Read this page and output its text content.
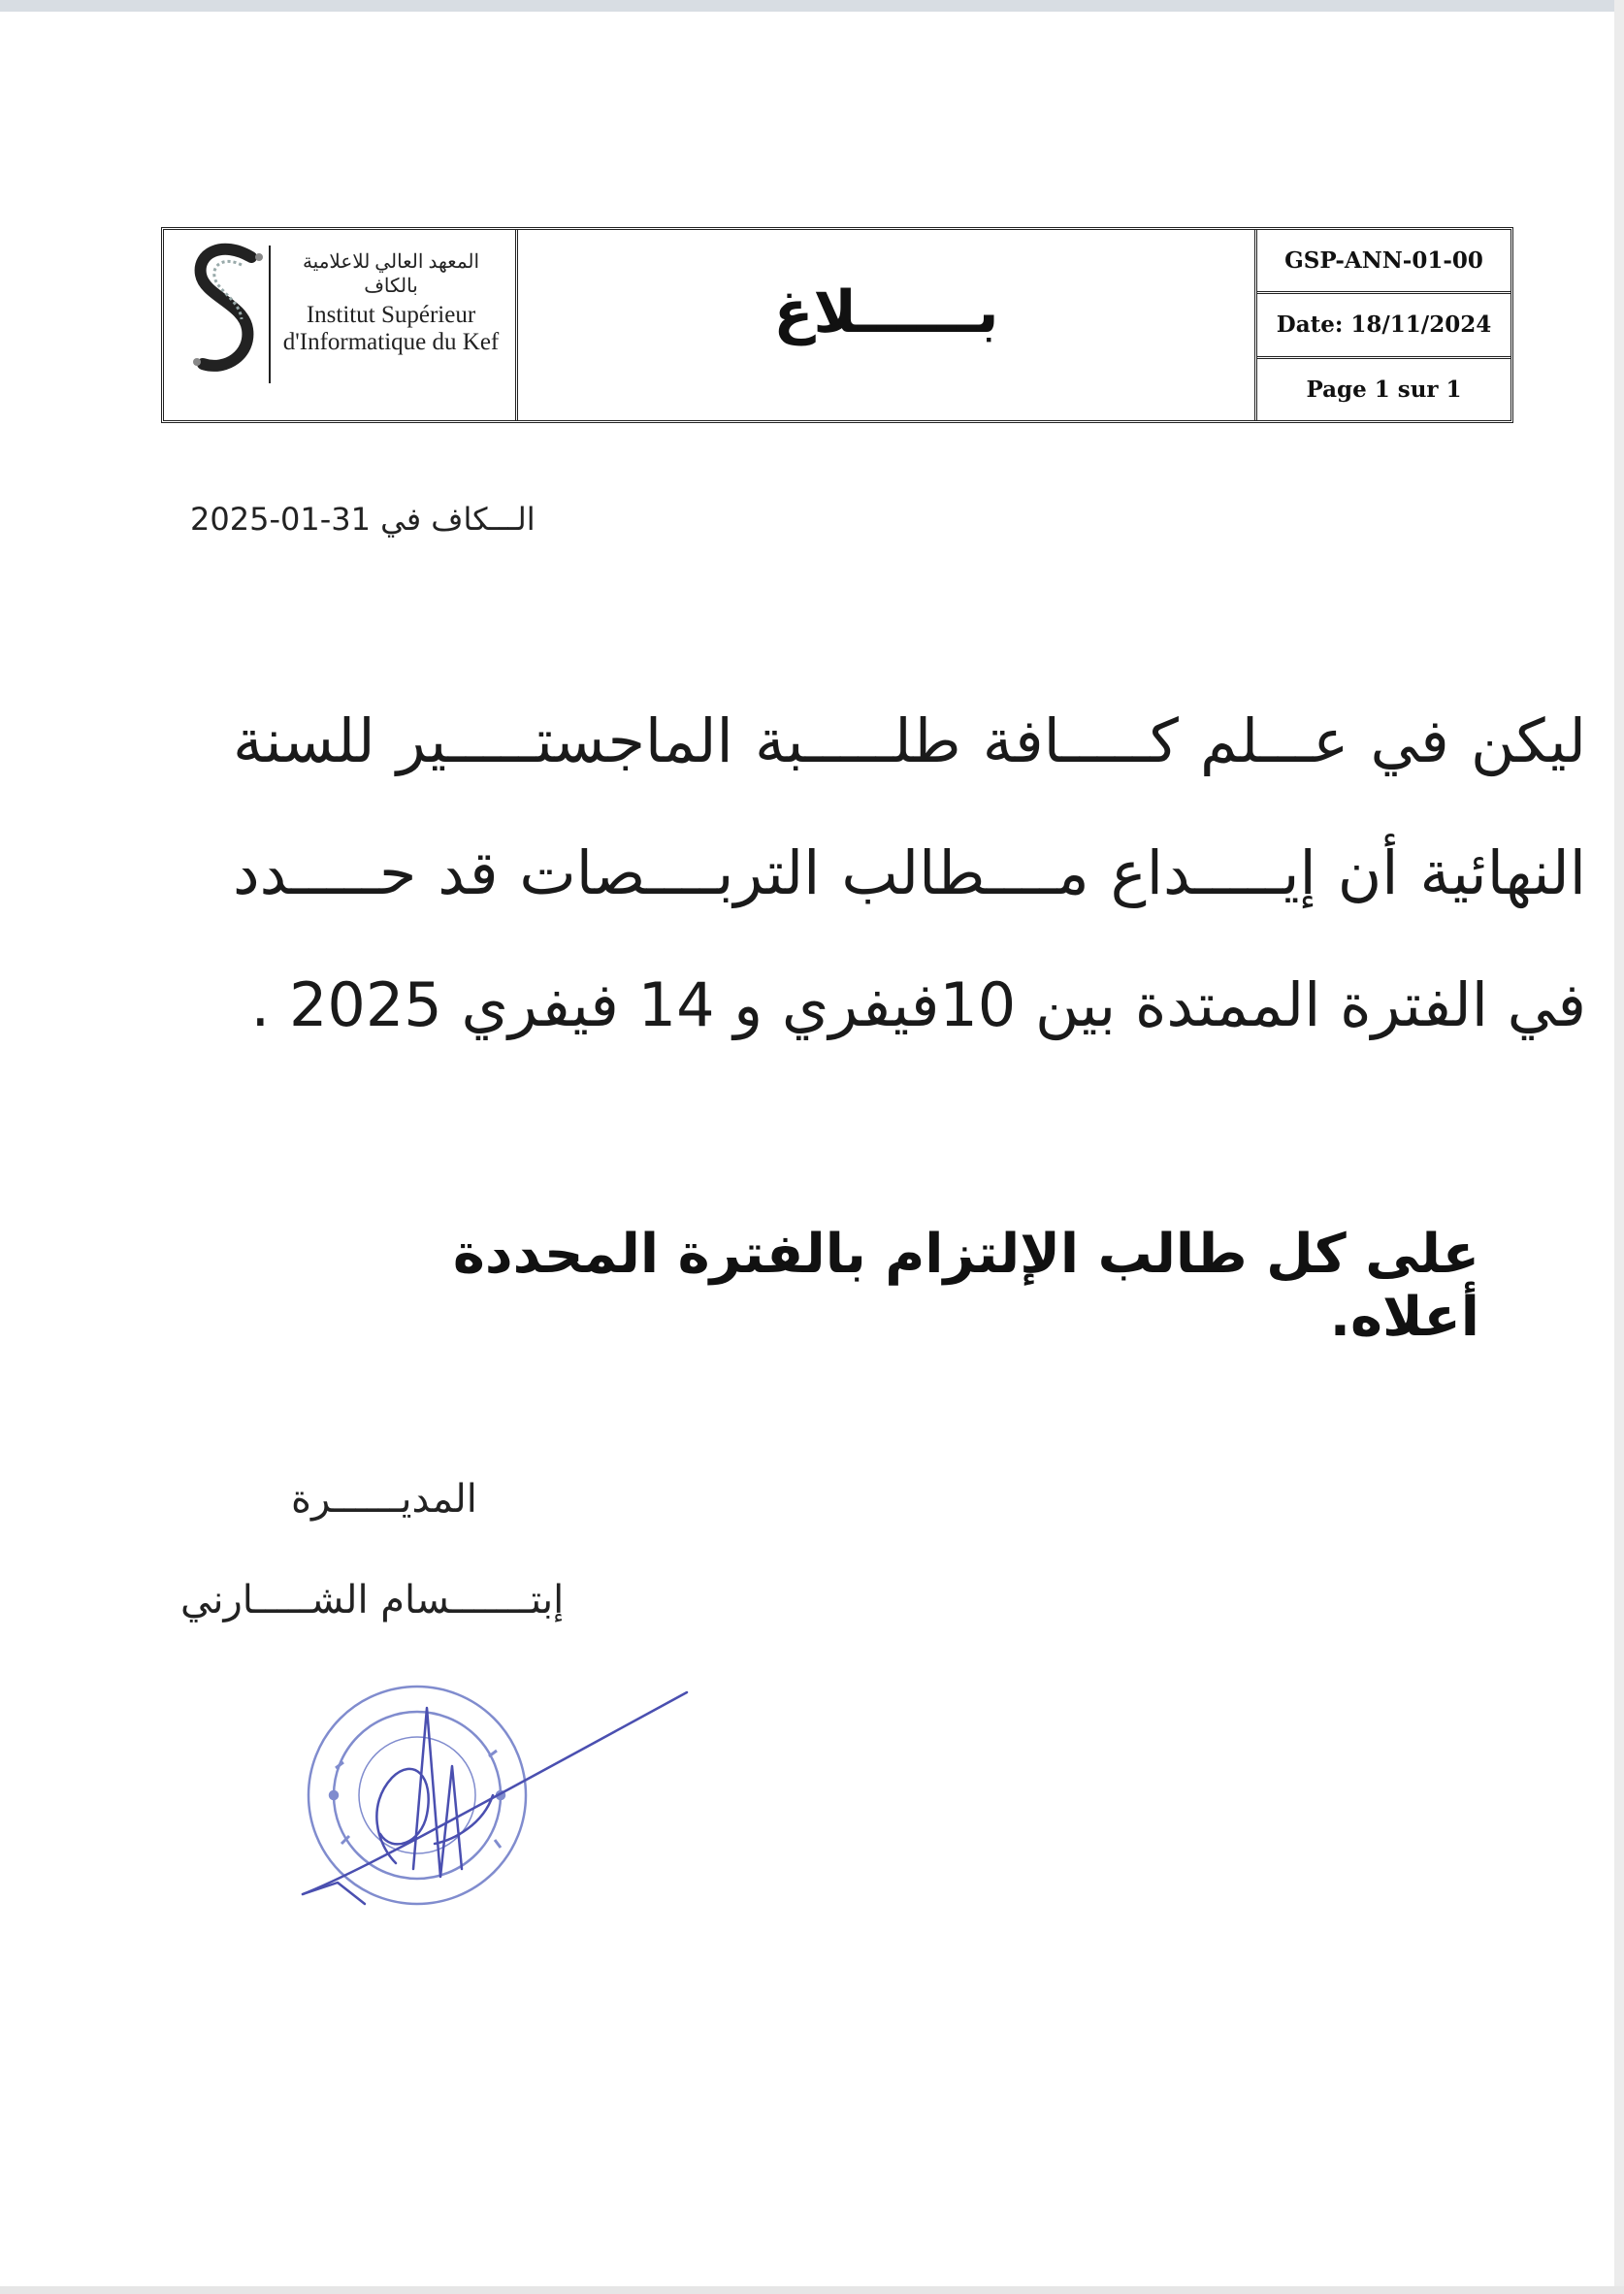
المعهد العالي للاعلامية بالكاف
Institut Supérieur
d'Informatique du Kef	بــــــلاغ
GSP-ANN-01-00
Date: 18/11/2024
Page 1 sur 1
الـــكاف في 31-01-2025
ليكن في عـــلم كـــــافة طلـــــبة الماجستـــــير للسنة النهائية أن إيـــــداع مــــطالب التربــــصات قد حـــــدد في الفترة الممتدة بين 10فيفري و 14 فيفري 2025 .
على كل طالب الإلتزام بالفترة المحددة أعلاه.
المديــــــرة
إبتـــــــسام الشـــــارني
